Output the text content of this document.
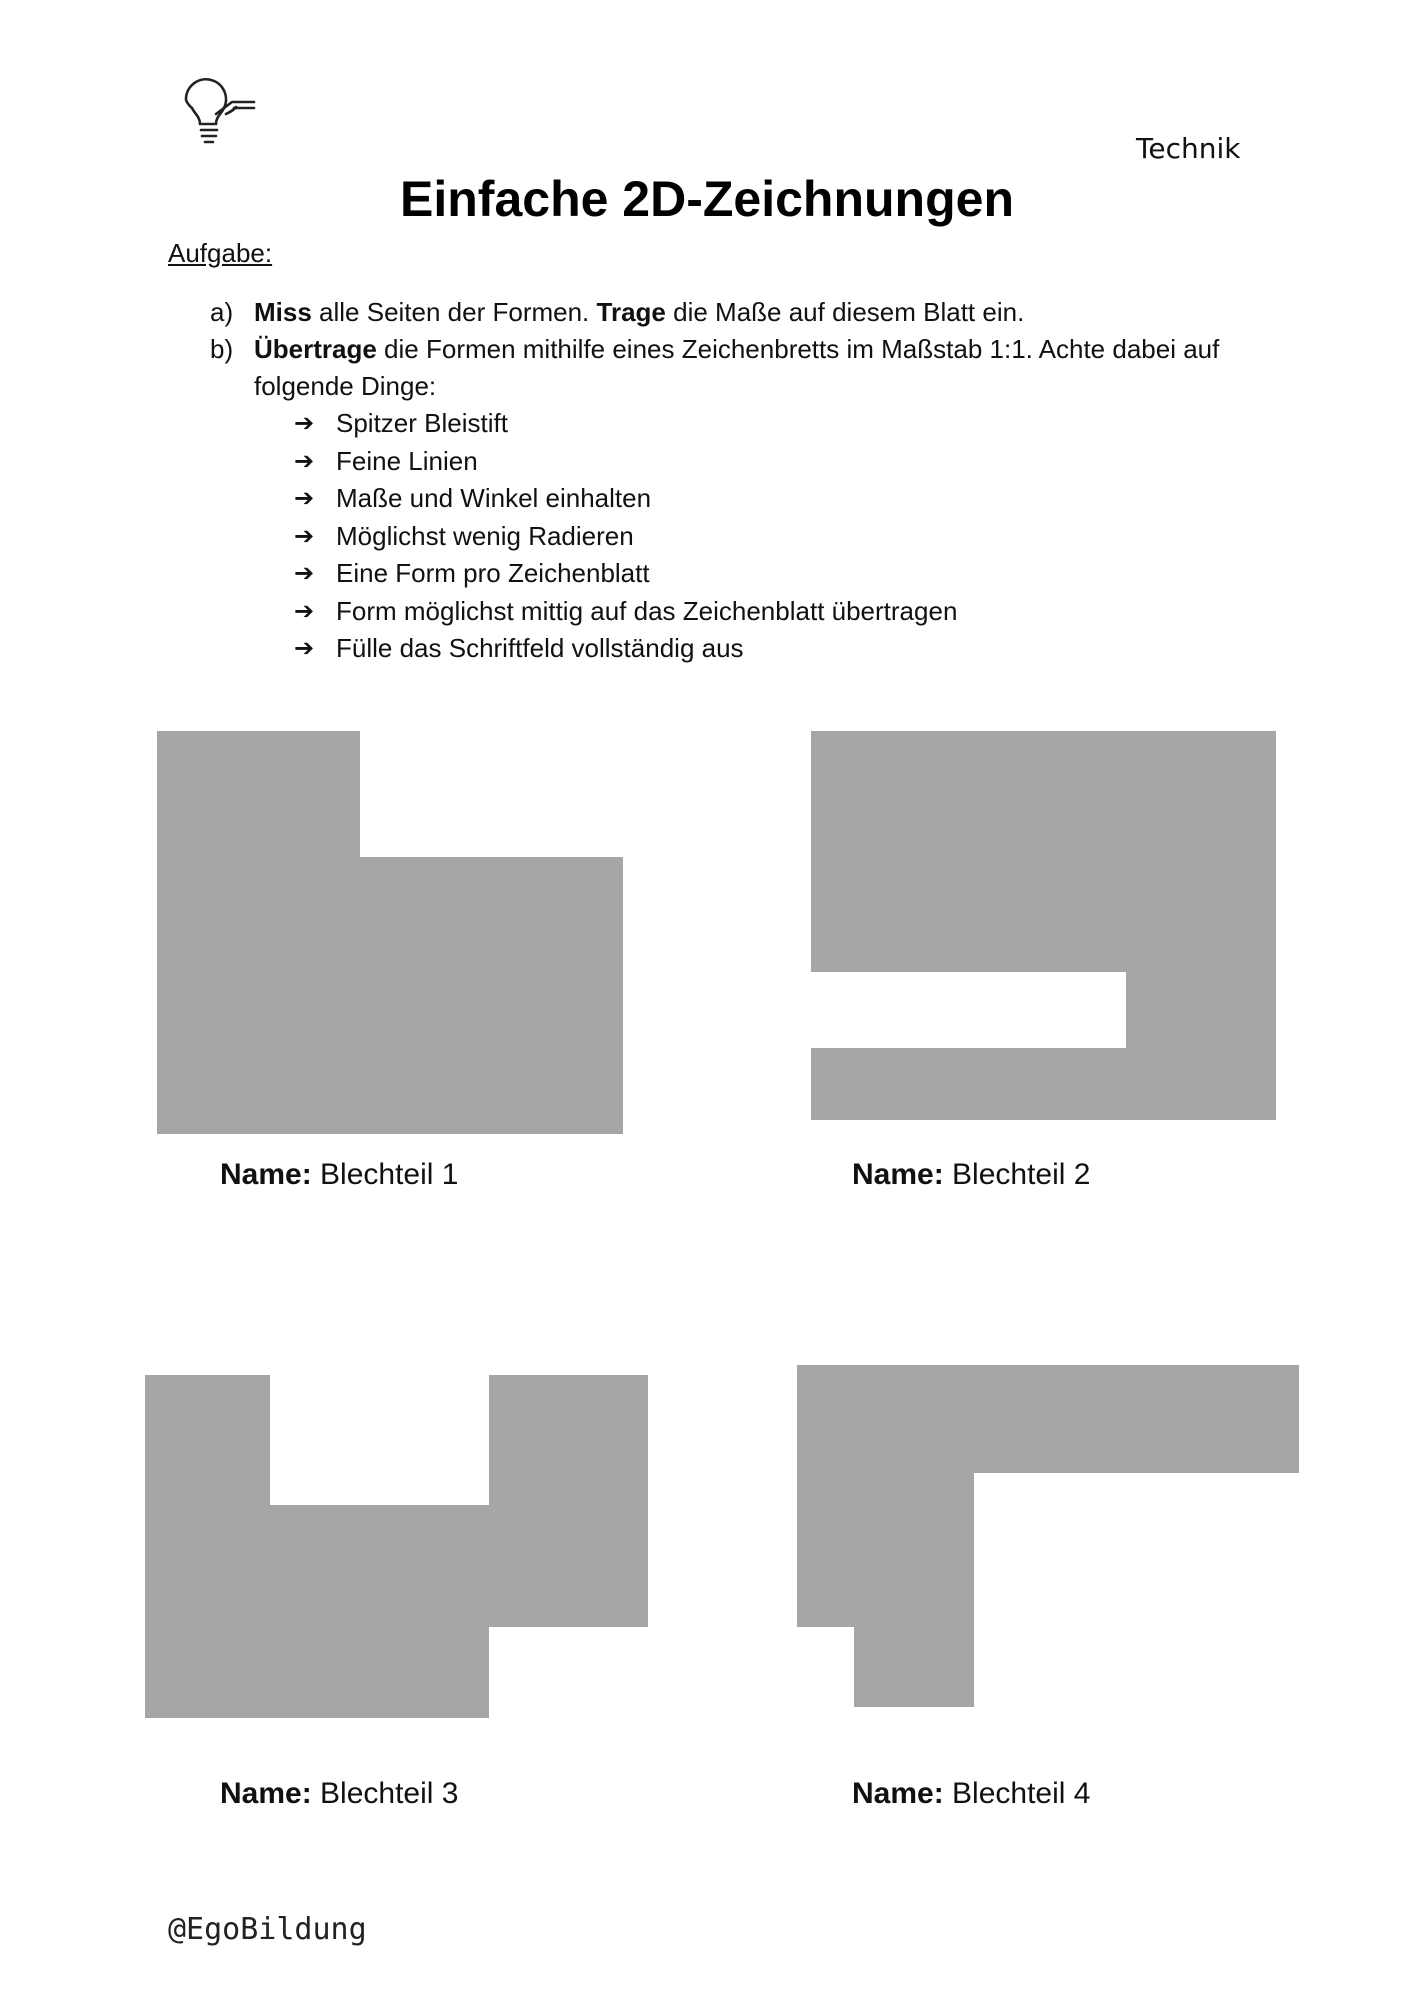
Technik
Einfache 2D-Zeichnungen
Aufgabe:
a) Miss alle Seiten der Formen. Trage die Maße auf diesem Blatt ein.
b) Übertrage die Formen mithilfe eines Zeichenbretts im Maßstab 1:1. Achte dabei auf folgende Dinge:
➔ Spitzer Bleistift
➔ Feine Linien
➔ Maße und Winkel einhalten
➔ Möglichst wenig Radieren
➔ Eine Form pro Zeichenblatt
➔ Form möglichst mittig auf das Zeichenblatt übertragen
➔ Fülle das Schriftfeld vollständig aus
Name: Blechteil 1	Name: Blechteil 2
Name: Blechteil 3	Name: Blechteil 4
@EgoBildung
